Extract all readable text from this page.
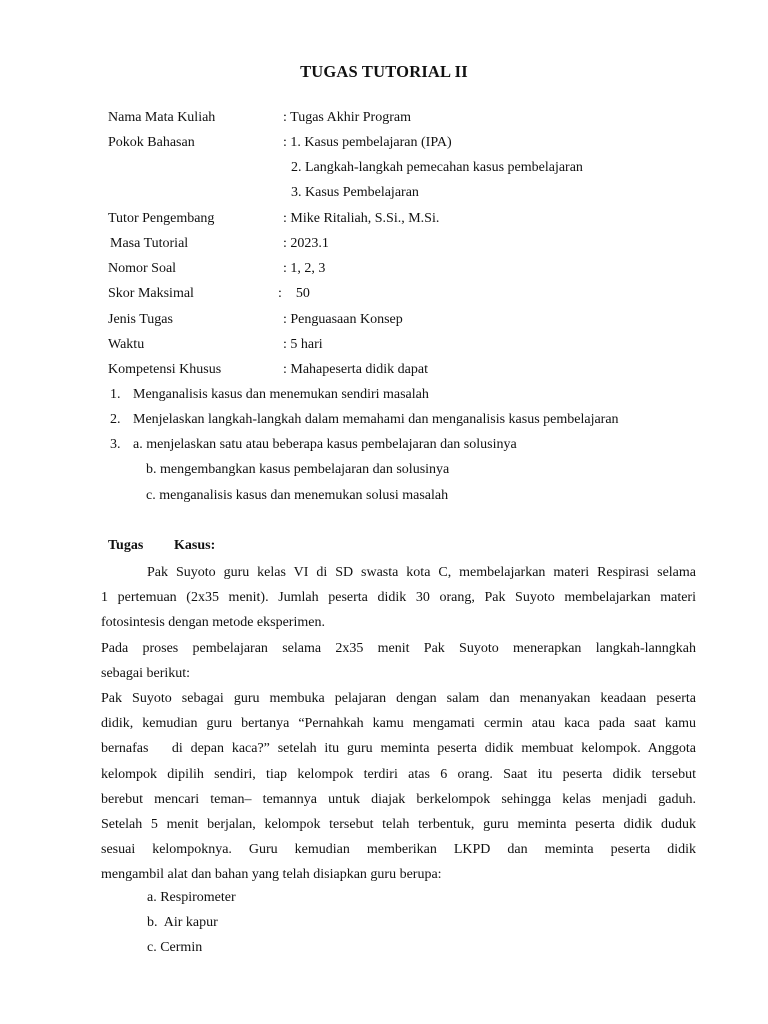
TUGAS TUTORIAL II
Nama Mata Kuliah	: Tugas Akhir Program
Pokok Bahasan	: 1. Kasus pembelajaran (IPA)
2. Langkah-langkah pemecahan kasus pembelajaran
3. Kasus Pembelajaran
Tutor Pengembang	: Mike Ritaliah, S.Si., M.Si.
Masa Tutorial	: 2023.1
Nomor Soal	: 1, 2, 3
Skor Maksimal	:    50
Jenis Tugas	: Penguasaan Konsep
Waktu	: 5 hari
Kompetensi Khusus	: Mahapeserta didik dapat
1. Menganalisis kasus dan menemukan sendiri masalah
2. Menjelaskan langkah-langkah dalam memahami dan menganalisis kasus pembelajaran
3. a. menjelaskan satu atau beberapa kasus pembelajaran dan solusinya
b. mengembangkan kasus pembelajaran dan solusinya
c. menganalisis kasus dan menemukan solusi masalah
Tugas Kasus:
Pak Suyoto guru kelas VI di SD swasta kota C, membelajarkan materi Respirasi selama
1 pertemuan (2x35 menit). Jumlah peserta didik 30 orang, Pak Suyoto membelajarkan materi
fotosintesis dengan metode eksperimen.
Pada proses pembelajaran selama 2x35 menit Pak Suyoto menerapkan langkah-lanngkah
sebagai berikut:
Pak Suyoto sebagai guru membuka pelajaran dengan salam dan menanyakan keadaan peserta
didik, kemudian guru bertanya “Pernahkah kamu mengamati cermin atau kaca pada saat kamu
bernafas   di depan kaca?” setelah itu guru meminta peserta didik membuat kelompok. Anggota
kelompok dipilih sendiri, tiap kelompok terdiri atas 6 orang. Saat itu peserta didik tersebut
berebut mencari teman– temannya untuk diajak berkelompok sehingga kelas menjadi gaduh.
Setelah 5 menit berjalan, kelompok tersebut telah terbentuk, guru meminta peserta didik duduk
sesuai kelompoknya. Guru kemudian memberikan LKPD dan meminta peserta didik
mengambil alat dan bahan yang telah disiapkan guru berupa:
a. Respirometer
b.  Air kapur
c. Cermin
